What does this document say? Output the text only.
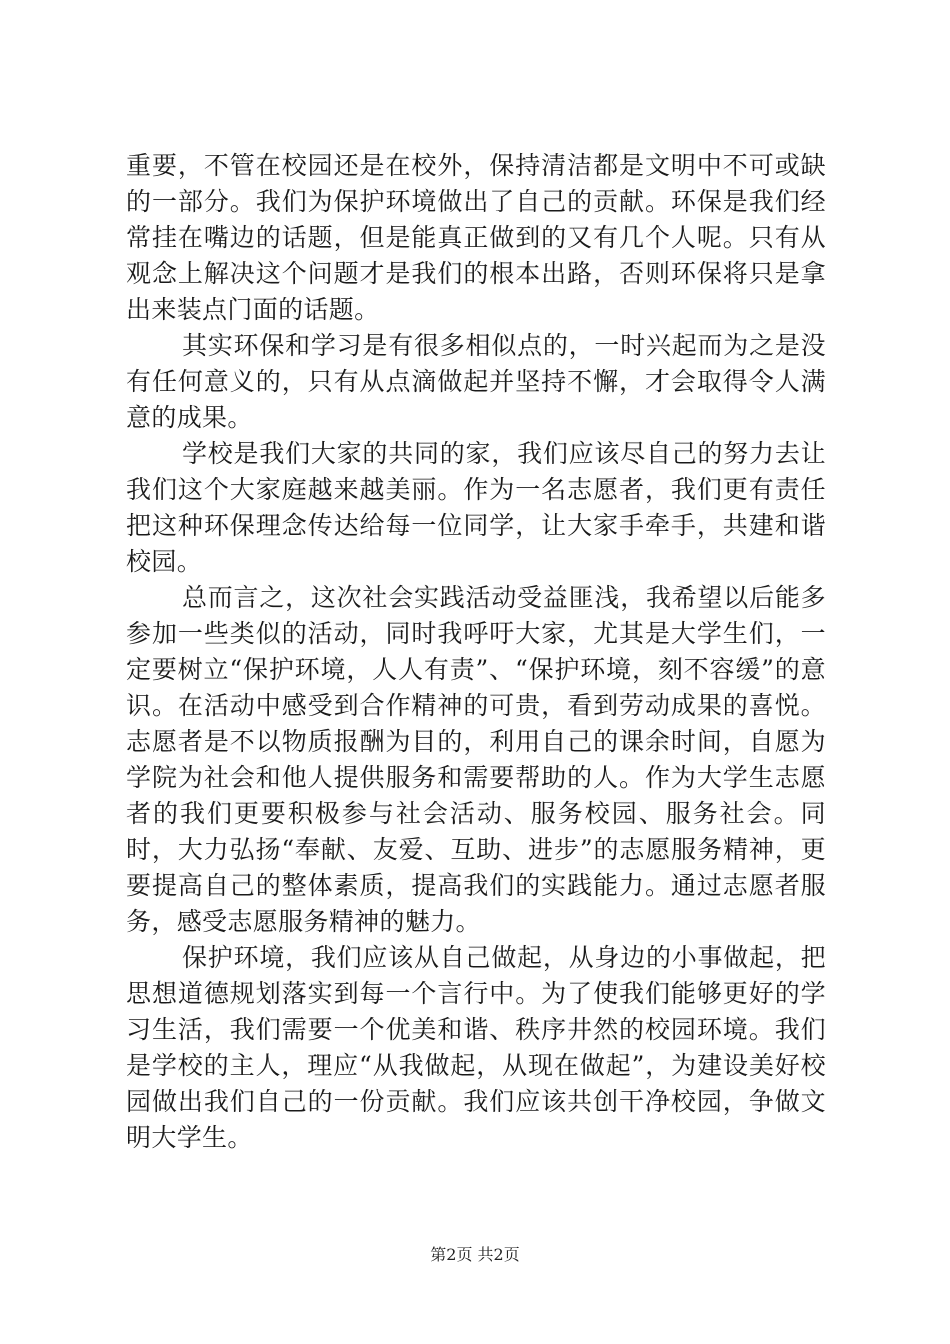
重要，不管在校园还是在校外，保持清洁都是文明中不可或缺的一部分。我们为保护环境做出了自己的贡献。环保是我们经常挂在嘴边的话题，但是能真正做到的又有几个人呢。只有从观念上解决这个问题才是我们的根本出路，否则环保将只是拿出来装点门面的话题。

其实环保和学习是有很多相似点的，一时兴起而为之是没有任何意义的，只有从点滴做起并坚持不懈，才会取得令人满意的成果。

学校是我们大家的共同的家，我们应该尽自己的努力去让我们这个大家庭越来越美丽。作为一名志愿者，我们更有责任把这种环保理念传达给每一位同学，让大家手牵手，共建和谐校园。

总而言之，这次社会实践活动受益匪浅，我希望以后能多参加一些类似的活动，同时我呼吁大家，尤其是大学生们，一定要树立“保护环境，人人有责”、“保护环境，刻不容缓”的意识。在活动中感受到合作精神的可贵，看到劳动成果的喜悦。志愿者是不以物质报酬为目的，利用自己的课余时间，自愿为学院为社会和他人提供服务和需要帮助的人。作为大学生志愿者的我们更要积极参与社会活动、服务校园、服务社会。同时，大力弘扬“奉献、友爱、互助、进步”的志愿服务精神，更要提高自己的整体素质，提高我们的实践能力。通过志愿者服务，感受志愿服务精神的魅力。

保护环境，我们应该从自己做起，从身边的小事做起，把思想道德规划落实到每一个言行中。为了使我们能够更好的学习生活，我们需要一个优美和谐、秩序井然的校园环境。我们是学校的主人，理应“从我做起，从现在做起”，为建设美好校园做出我们自己的一份贡献。我们应该共创干净校园，争做文明大学生。

第2页 共2页
